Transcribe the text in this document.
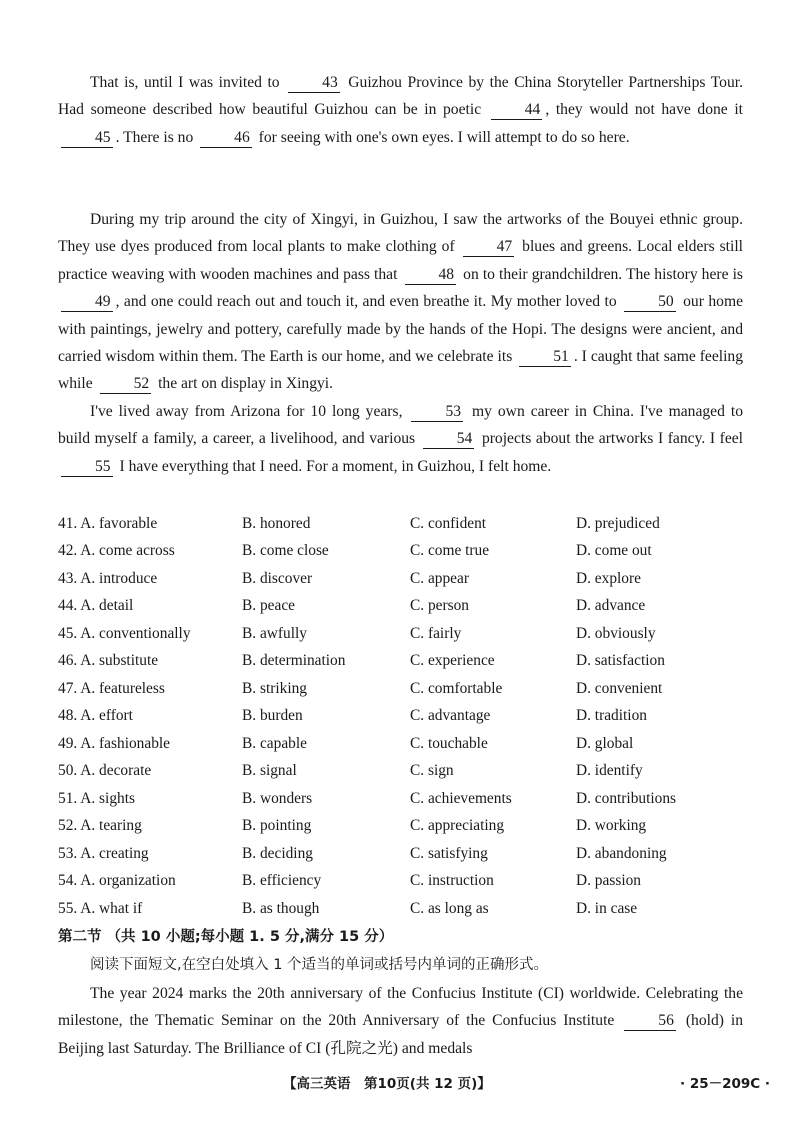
That is, until I was invited to	43 Guizhou Province by the China Storyteller Partnerships Tour. Had someone described how beautiful Guizhou can be in poetic	44 , they would not have done it 45 . There is no	46 for seeing with one's own eyes. I will attempt to do so here.

During my trip around the city of Xingyi, in Guizhou, I saw the artworks of the Bouyei ethnic group. They use dyes produced from local plants to make clothing of	47 blues and greens. Local elders still practice weaving with wooden machines and pass that	48 on to their grandchildren. The history here is 49 , and one could reach out and touch it, and even breathe it. My mother loved to	50 our home with paintings, jewelry and pottery, carefully made by the hands of the Hopi. The designs were ancient, and carried wisdom within them. The Earth is our home, and we celebrate its	51 . I caught that same feeling while	52 the art on display in Xingyi.

I've lived away from Arizona for 10 long years,	53 my own career in China. I've managed to build myself a family, a career, a livelihood, and various	54 projects about the artworks I fancy. I feel 55 I have everything that I need. For a moment, in Guizhou, I felt home.

41. A. favorable	B. honored	C. confident	D. prejudiced
42. A. come across	B. come close	C. come true	D. come out
43. A. introduce	B. discover	C. appear	D. explore
44. A. detail	B. peace	C. person	D. advance
45. A. conventionally	B. awfully	C. fairly	D. obviously
46. A. substitute	B. determination	C. experience	D. satisfaction
47. A. featureless	B. striking	C. comfortable	D. convenient
48. A. effort	B. burden	C. advantage	D. tradition
49. A. fashionable	B. capable	C. touchable	D. global
50. A. decorate	B. signal	C. sign	D. identify
51. A. sights	B. wonders	C. achievements	D. contributions
52. A. tearing	B. pointing	C. appreciating	D. working
53. A. creating	B. deciding	C. satisfying	D. abandoning
54. A. organization	B. efficiency	C. instruction	D. passion
55. A. what if	B. as though	C. as long as	D. in case
第二节 （共 10 小题;每小题 1. 5 分,满分 15 分）
阅读下面短文,在空白处填入 1 个适当的单词或括号内单词的正确形式。

The year 2024 marks the 20th anniversary of the Confucius Institute (CI) worldwide. Celebrating the milestone, the Thematic Seminar on the 20th Anniversary of the Confucius Institute	56 (hold) in Beijing last Saturday. The Brilliance of CI (孔院之光) and medals

【高三英语　第10页(共 12 页)】	· 25－209C ·
